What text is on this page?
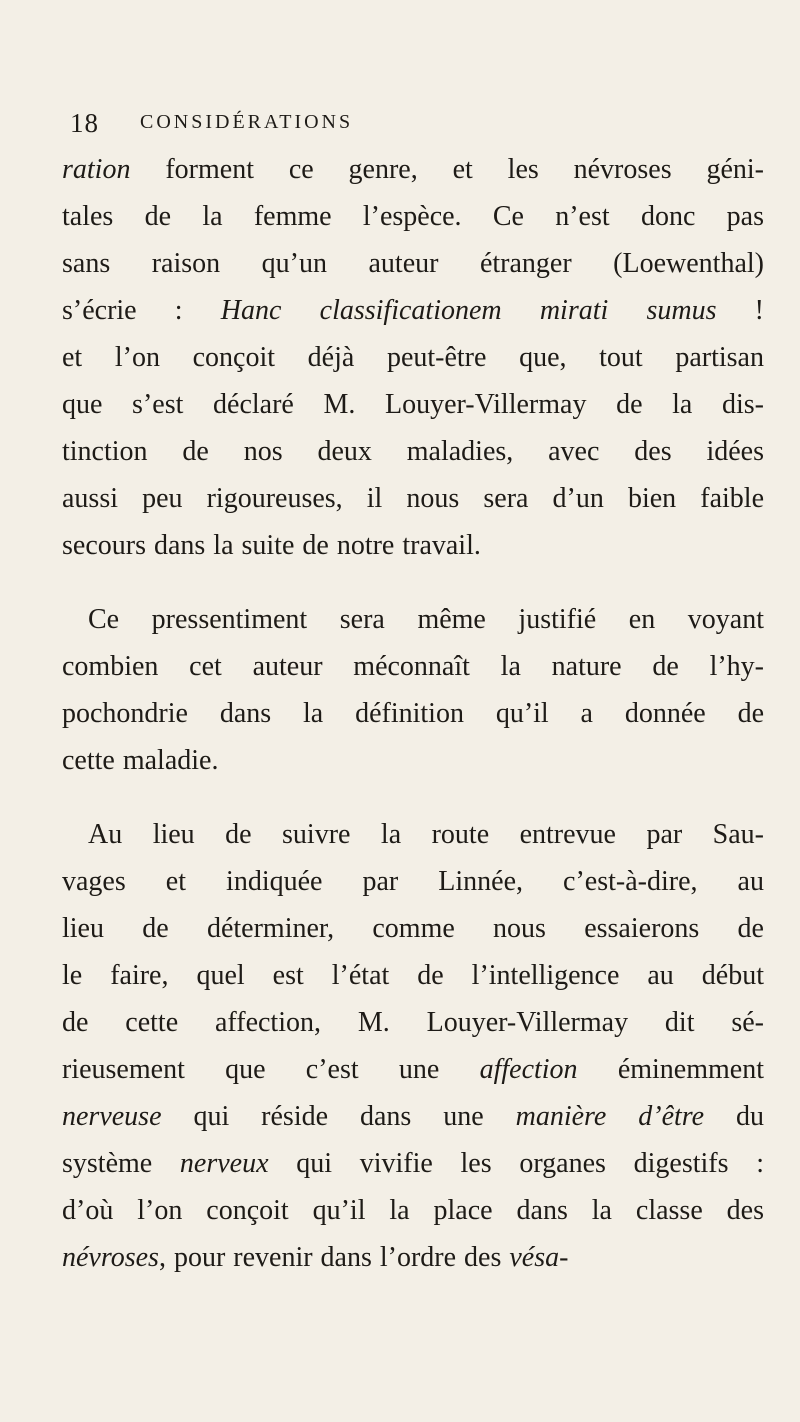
18 CONSIDÉRATIONS
ration forment ce genre, et les névroses géni-
tales de la femme l’espèce. Ce n’est donc pas
sans raison qu’un auteur étranger (Loewenthal)
s’écrie : Hanc classificationem mirati sumus !
et l’on conçoit déjà peut-être que, tout partisan
que s’est déclaré M. Louyer-Villermay de la dis-
tinction de nos deux maladies, avec des idées
aussi peu rigoureuses, il nous sera d’un bien faible
secours dans la suite de notre travail.
Ce pressentiment sera même justifié en voyant
combien cet auteur méconnaît la nature de l’hy-
pochondrie dans la définition qu’il a donnée de
cette maladie.
Au lieu de suivre la route entrevue par Sau-
vages et indiquée par Linnée, c’est-à-dire, au
lieu de déterminer, comme nous essaierons de
le faire, quel est l’état de l’intelligence au début
de cette affection, M. Louyer-Villermay dit sé-
rieusement que c’est une affection éminemment
nerveuse qui réside dans une manière d’être du
système nerveux qui vivifie les organes digestifs :
d’où l’on conçoit qu’il la place dans la classe des
névroses, pour revenir dans l’ordre des vésa-
